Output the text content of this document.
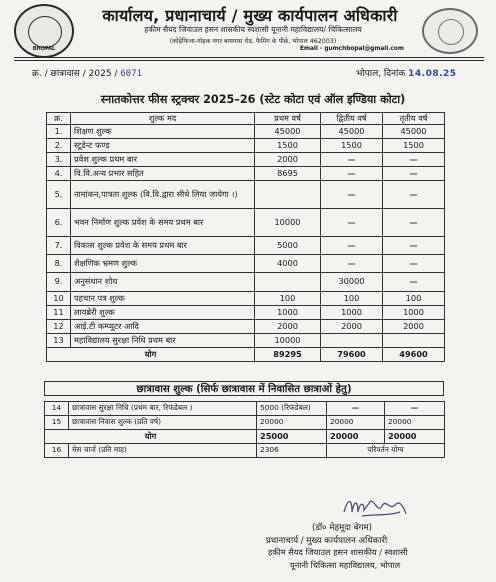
BHOPAL
कार्यालय, प्रधानाचार्य / मुख्य कार्यपालन अधिकारी
हकीम सैयद जियाउल हसन शासकीय स्वशासी यूनानी महाविद्यालय/ चिकित्सालय
(कोहेफिजा-गोहक नगर बायपास रोड, फैमिंग के पीछे, भोपाल 462003)
Email - gumchbopal@gmail.com
क्र. / छात्रावास / 2025 / 6071	भोपाल, दिनांक 14.08.25
स्नातकोत्तर फीस स्ट्रक्चर 2025–26 (स्टेट कोटा एवं ऑल इण्डिया कोटा)
क्र.	शुल्क मद	प्रथम वर्ष	द्वितीय वर्ष	तृतीय वर्ष
1.	शिक्षण शुल्क	45000	45000	45000
2.	स्टूडेन्ट फण्ड	1500	1500	1500
3.	प्रवेश शुल्क प्रथम बार	2000	—	—
4.	वि.वि.अन्य प्रभार सहित	8695	—	—
5.	नामांकन,पात्रता शुल्क (वि.वि.द्वारा सीधे लिया जायेगा ।)		—	—
6.	भवन निर्माण शुल्क प्रवेश के समय प्रथम बार	10000	—	—
7.	विकास शुल्क प्रवेश के समय प्रथम बार	5000	—	—
8.	शैक्षणिक भ्रमण शुल्क	4000	—	—
9.	अनुसंधान शोध		30000	—
10	पहचान पत्र शुल्क	100	100	100
11	लायब्रेरी शुल्क	1000	1000	1000
12	आई.टी कम्प्यूटर आदि	2000	2000	2000
13	महाविद्यालय सुरक्षा निधि प्रथम बार	10000		
योग		89295	79600	49600
छात्रावास शुल्क (सिर्फ छात्रावास में निवासित छात्राओं हेतु)
14	छात्रावास सुरक्षा निधि (प्रथम बार, रिफंडेबल )	5000 (रिफंडेबल)	—	—
15	छात्रावास निवास शुल्क (प्रति वर्ष)	20000	20000	20000
योग		25000	20000	20000
16	मेस चार्ज (प्रति माह)	2306	परिवर्तन योग्य	
(डॉ० मेहमूदा बेगम)
प्रधानाचार्य / मुख्य कार्यपालन अधिकारी
हकीम सैयद जियाउल हसन शासकीय / स्वशासी
यूनानी चिकित्सा महाविद्यालय, भोपाल
